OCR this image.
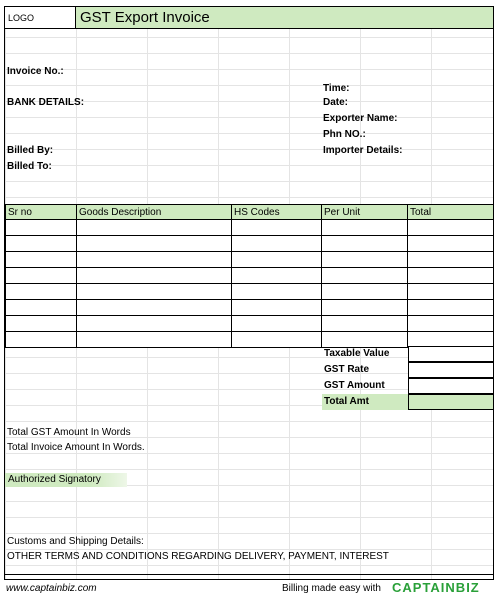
LOGO	GST Export Invoice
Invoice No.:
BANK DETAILS:
Billed By:
Billed To:
Time:
Date:
Exporter Name:
Phn NO.:
Importer Details:
Sr no	Goods Description	HS Codes	Per Unit	Total

Taxable Value
GST Rate
GST Amount
Total Amt
Total GST Amount In Words
Total Invoice Amount In Words.
Authorized Signatory
Customs and Shipping Details:
OTHER TERMS AND CONDITIONS REGARDING DELIVERY, PAYMENT, INTEREST
www.captainbiz.com	Billing made easy with CAPTAINBIZ
